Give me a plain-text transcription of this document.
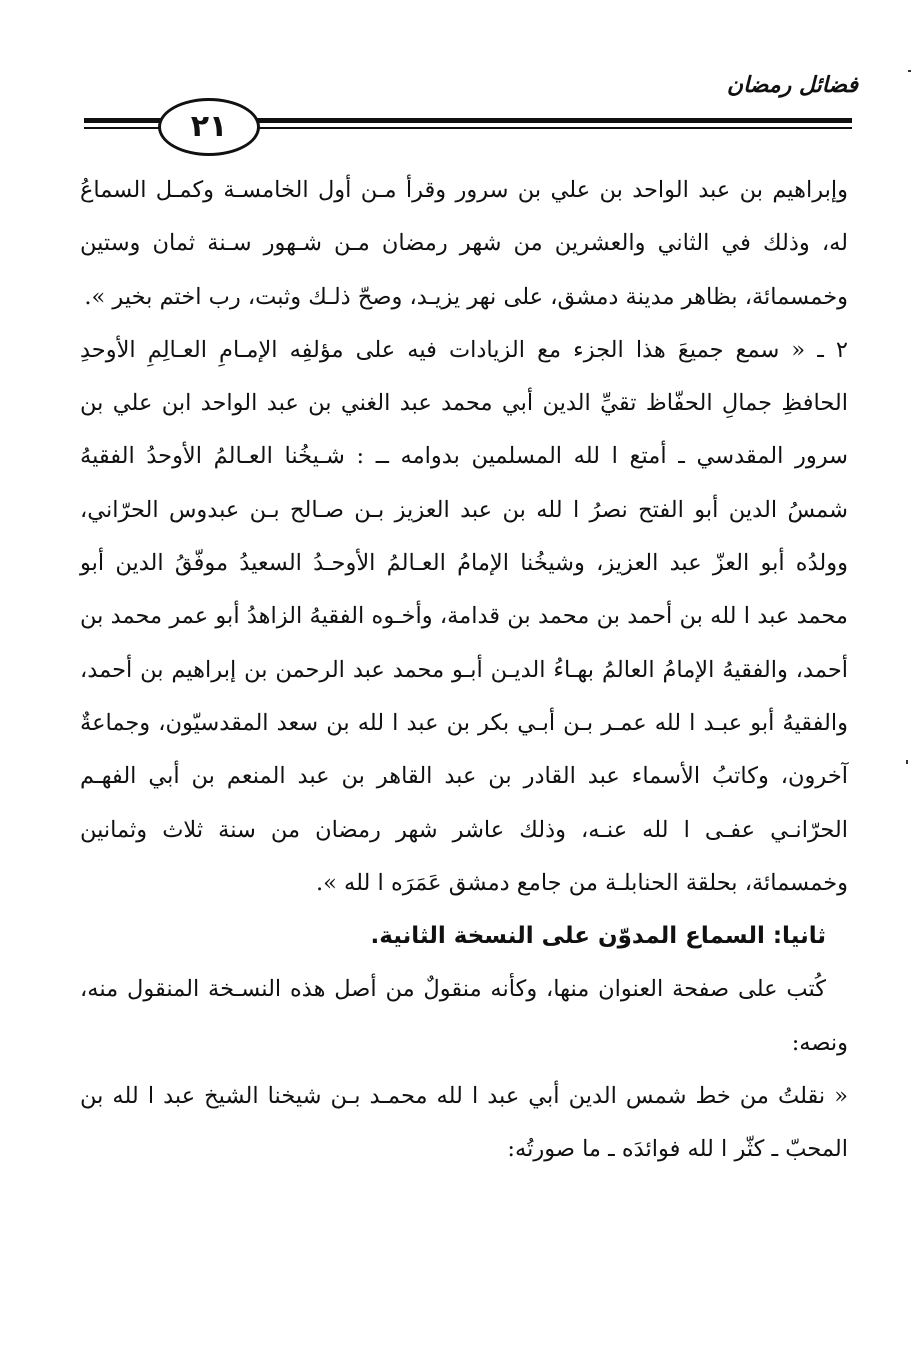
فضائل رمضان
٢١

وإبراهيم بن عبد الواحد بن علي بن سرور وقرأ مـن أول الخامسـة وكمـل السماعُ له، وذلك في الثاني والعشرين من شهر رمضان مـن شـهور سـنة ثمان وستين وخمسمائة، بظاهر مدينة دمشق، على نهر يزيـد، وصحّ ذلـك وثبت، رب اختم بخير ».

٢ ـ « سمع جميعَ هذا الجزء مع الزيادات فيه على مؤلفِه الإمـامِ العـالِمِ الأوحدِ الحافظِ جمالِ الحفّاظ تقيِّ الدين أبي محمد عبد الغني بن عبد الواحد ابن علي بن سرور المقدسي ـ أمتع ا لله المسلمين بدوامه ــ : شـيخُنا العـالمُ الأوحدُ الفقيهُ شمسُ الدين أبو الفتح نصرُ ا لله بن عبد العزيز بـن صـالح بـن عبدوس الحرّاني، وولدُه أبو العزّ عبد العزيز، وشيخُنا الإمامُ العـالمُ الأوحـدُ السعيدُ موفّقُ الدين أبو محمد عبد ا لله بن أحمد بن محمد بن قدامة، وأخـوه الفقيهُ الزاهدُ أبو عمر محمد بن أحمد، والفقيهُ الإمامُ العالمُ بهـاءُ الديـن أبـو محمد عبد الرحمن بن إبراهيم بن أحمد، والفقيهُ أبو عبـد ا لله عمـر بـن أبـي بكر بن عبد ا لله بن سعد المقدسيّون، وجماعةٌ آخرون، وكاتبُ الأسماء عبد القادر بن عبد القاهر بن عبد المنعم بن أبي الفهـم الحرّانـي عفـى ا لله عنـه، وذلك عاشر شهر رمضان من سنة ثلاث وثمانين وخمسمائة، بحلقة الحنابلـة من جامع دمشق عَمَرَه ا لله ».

ثانيا: السماع المدوّن على النسخة الثانية.

كُتب على صفحة العنوان منها، وكأنه منقولٌ من أصل هذه النسـخة المنقول منه، ونصه:

« نقلتُ من خط شمس الدين أبي عبد ا لله محمـد بـن شيخنا الشيخ عبد ا لله بن المحبّ ـ كثّر ا لله فوائدَه ـ ما صورتُه:
